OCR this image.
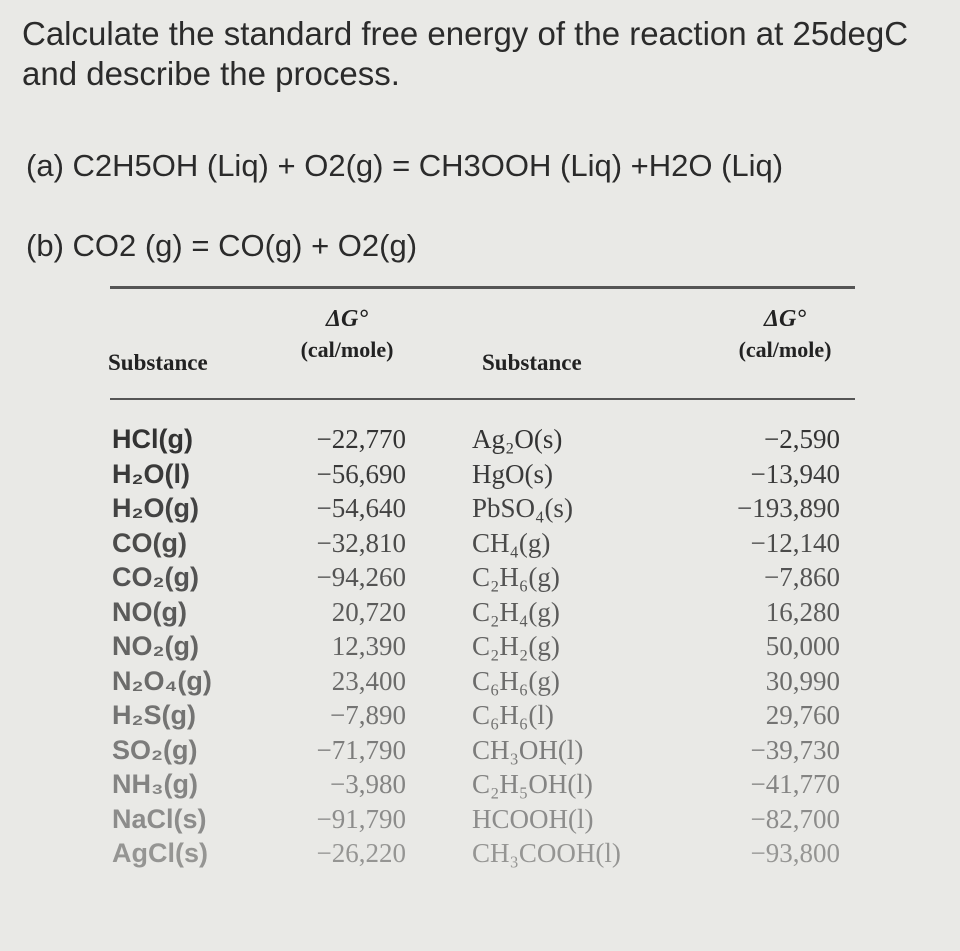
Calculate the standard free energy of the reaction at 25degC

and describe the process.

(a) C2H5OH (Liq) + O2(g) = CH3OOH (Liq) +H2O (Liq)
(b) CO2 (g) = CO(g) + O2(g)
Substance
ΔG°
(cal/mole)
Substance
ΔG°
(cal/mole)
HCl(g)	−22,770 Ag₂O(s)	−2,590
H₂O(l)	−56,690 HgO(s)	−13,940
H₂O(g)	−54,640 PbSO₄(s)	−193,890
CO(g)	−32,810 CH₄(g)	−12,140
CO₂(g)	−94,260 C₂H₆(g)	−7,860
NO(g)	20,720 C₂H₄(g)	16,280
NO₂(g)	12,390 C₂H₂(g)	50,000
N₂O₄(g)	23,400 C₆H₆(g)	30,990
H₂S(g)	−7,890 C₆H₆(l)	29,760
SO₂(g)	−71,790 CH₃OH(l)	−39,730
NH₃(g)	−3,980 C₂H₅OH(l)	−41,770
NaCl(s)	−91,790 HCOOH(l)	−82,700
AgCl(s)	−26,220 CH₃COOH(l)	−93,800
